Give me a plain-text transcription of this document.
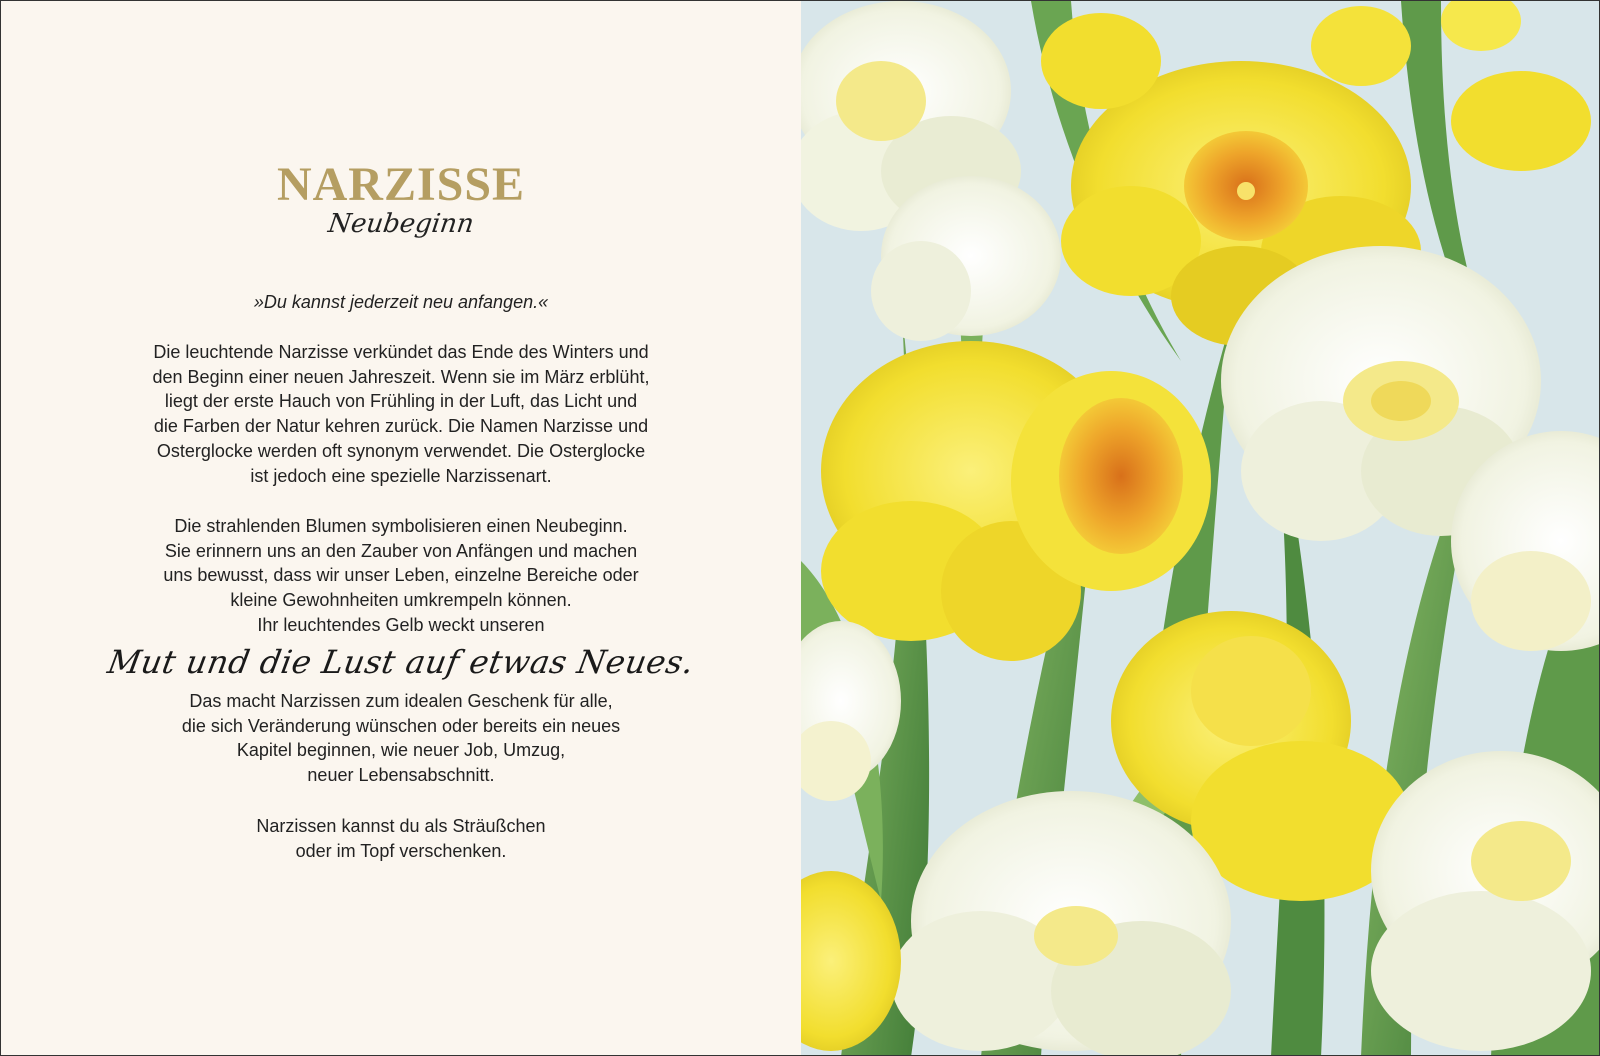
NARZISSE
Neubeginn
»Du kannst jederzeit neu anfangen.«

Die leuchtende Narzisse verkündet das Ende des Winters und
den Beginn einer neuen Jahreszeit. Wenn sie im März erblüht,
liegt der erste Hauch von Frühling in der Luft, das Licht und
die Farben der Natur kehren zurück. Die Namen Narzisse und
Osterglocke werden oft synonym verwendet. Die Osterglocke
ist jedoch eine spezielle Narzissenart.

Die strahlenden Blumen symbolisieren einen Neubeginn.
Sie erinnern uns an den Zauber von Anfängen und machen
uns bewusst, dass wir unser Leben, einzelne Bereiche oder
kleine Gewohnheiten umkrempeln können.
Ihr leuchtendes Gelb weckt unseren

Mut und die Lust auf etwas Neues.

Das macht Narzissen zum idealen Geschenk für alle,
die sich Veränderung wünschen oder bereits ein neues
Kapitel beginnen, wie neuer Job, Umzug,
neuer Lebensabschnitt.

Narzissen kannst du als Sträußchen
oder im Topf verschenken.
